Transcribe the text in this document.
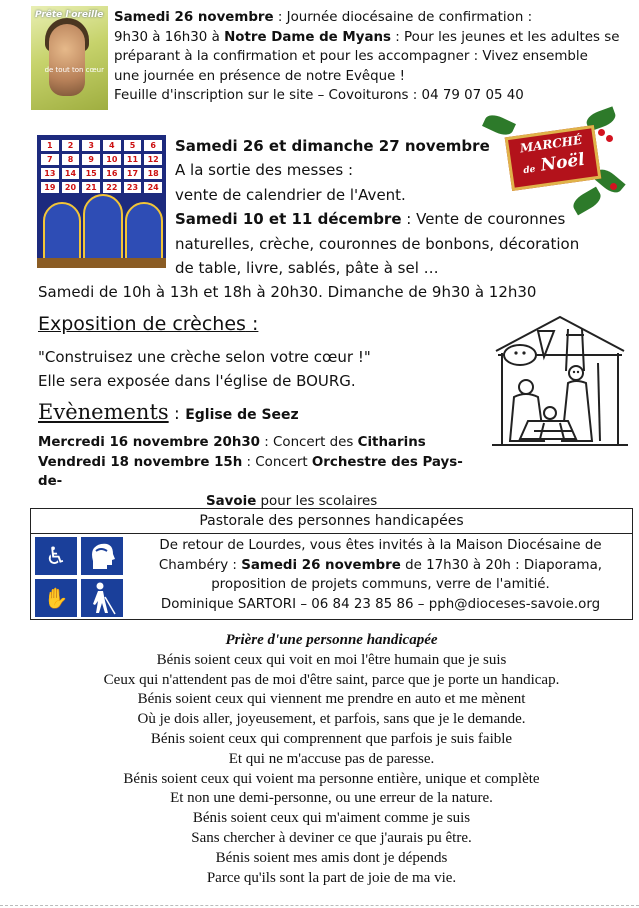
Prête l'oreille
de tout ton cœur

Samedi 26 novembre : Journée diocésaine de confirmation :

9h30 à 16h30 à Notre Dame de Myans : Pour les jeunes et les adultes se

préparant à la confirmation et pour les accompagner : Vivez ensemble

une journée en présence de notre Evêque !

Feuille d'inscription sur le site – Covoiturons : 04 79 07 05 40

1	2	3	4	5	6
7	8	9	10	11	12
13	14	15	16	17	18
19	20	21	22	23	24
MARCHÉ
de Noël

Samedi 26 et dimanche 27 novembre

A la sortie des messes :

vente de calendrier de l'Avent.

Samedi 10 et 11 décembre : Vente de couronnes

naturelles, crèche, couronnes de bonbons, décoration

de table, livre, sablés, pâte à sel …

Samedi de 10h à 13h et 18h à 20h30. Dimanche de 9h30 à 12h30
Exposition de crèches :

"Construisez une crèche selon votre cœur !"

Elle sera exposée dans l'église de BOURG.

Evènements : Eglise de Seez

Mercredi 16 novembre 20h30 : Concert des Citharins

Vendredi 18 novembre 15h : Concert Orchestre des Pays-de-

Savoie pour les scolaires

Pastorale des personnes handicapées
♿
✋

De retour de Lourdes, vous êtes invités à la Maison Diocésaine de

Chambéry : Samedi 26 novembre de 17h30 à 20h : Diaporama,

proposition de projets communs, verre de l'amitié.

Dominique SARTORI – 06 84 23 85 86 – pph@dioceses-savoie.org

Prière d'une personne handicapée

Bénis soient ceux qui voit en moi l'être humain que je suis

Ceux qui n'attendent pas de moi d'être saint, parce que je porte un handicap.

Bénis soient ceux qui viennent me prendre en auto et me mènent

Où je dois aller, joyeusement, et parfois, sans que je le demande.

Bénis soient ceux qui comprennent que parfois je suis faible

Et qui ne m'accuse pas de paresse.

Bénis soient ceux qui voient ma personne entière, unique et complète

Et non une demi-personne, ou une erreur de la nature.

Bénis soient ceux qui m'aiment comme je suis

Sans chercher à deviner ce que j'aurais pu être.

Bénis soient mes amis dont je dépends

Parce qu'ils sont la part de joie de ma vie.
